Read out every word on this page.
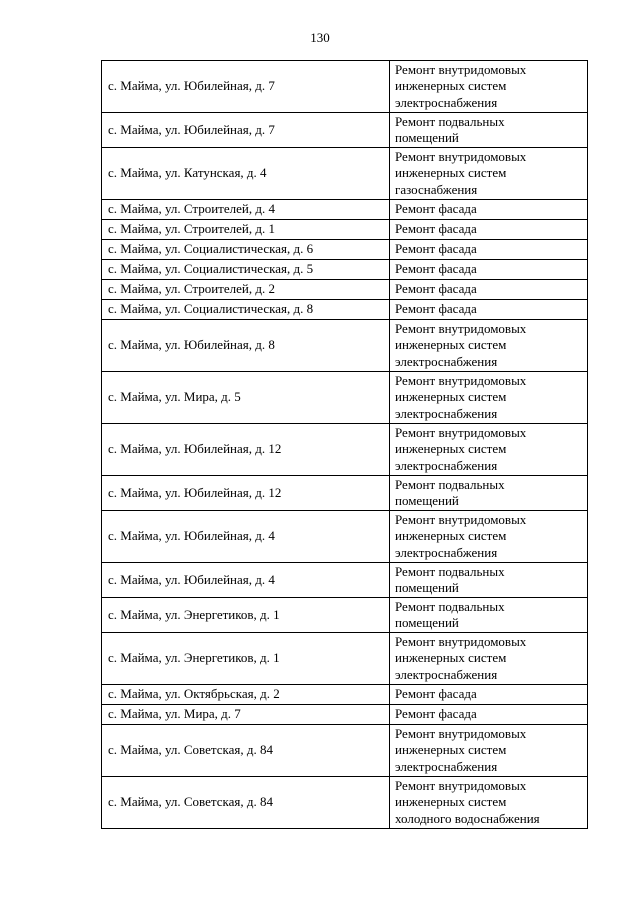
130
с. Майма, ул. Юбилейная, д. 7	Ремонт внутридомовых
инженерных систем
электроснабжения
с. Майма, ул. Юбилейная, д. 7	Ремонт подвальных
помещений
с. Майма, ул. Катунская, д. 4	Ремонт внутридомовых
инженерных систем
газоснабжения
с. Майма, ул. Строителей, д. 4	Ремонт фасада
с. Майма, ул. Строителей, д. 1	Ремонт фасада
с. Майма, ул. Социалистическая, д. 6	Ремонт фасада
с. Майма, ул. Социалистическая, д. 5	Ремонт фасада
с. Майма, ул. Строителей, д. 2	Ремонт фасада
с. Майма, ул. Социалистическая, д. 8	Ремонт фасада
с. Майма, ул. Юбилейная, д. 8	Ремонт внутридомовых
инженерных систем
электроснабжения
с. Майма, ул. Мира, д. 5	Ремонт внутридомовых
инженерных систем
электроснабжения
с. Майма, ул. Юбилейная, д. 12	Ремонт внутридомовых
инженерных систем
электроснабжения
с. Майма, ул. Юбилейная, д. 12	Ремонт подвальных
помещений
с. Майма, ул. Юбилейная, д. 4	Ремонт внутридомовых
инженерных систем
электроснабжения
с. Майма, ул. Юбилейная, д. 4	Ремонт подвальных
помещений
с. Майма, ул. Энергетиков, д. 1	Ремонт подвальных
помещений
с. Майма, ул. Энергетиков, д. 1	Ремонт внутридомовых
инженерных систем
электроснабжения
с. Майма, ул. Октябрьская, д. 2	Ремонт фасада
с. Майма, ул. Мира, д. 7	Ремонт фасада
с. Майма, ул. Советская, д. 84	Ремонт внутридомовых
инженерных систем
электроснабжения
с. Майма, ул. Советская, д. 84	Ремонт внутридомовых
инженерных систем
холодного водоснабжения
